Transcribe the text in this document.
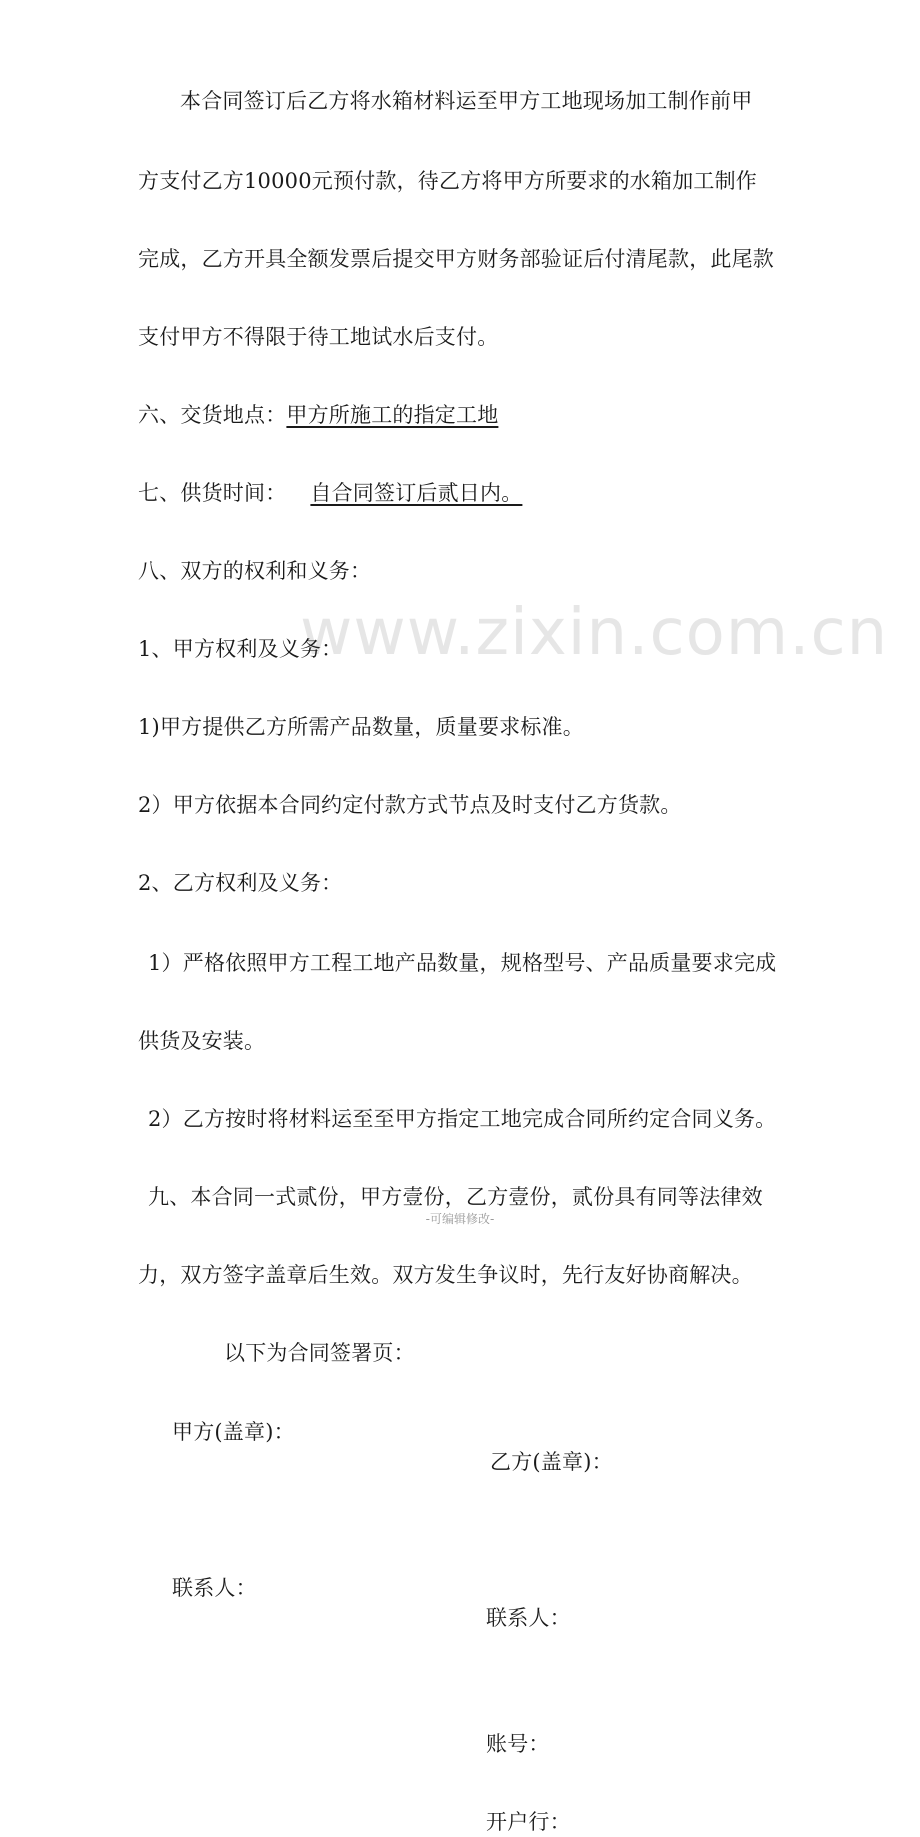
www.zixin.com.cn
本合同签订后乙方将水箱材料运至甲方工地现场加工制作前甲
方支付乙方10000元预付款，待乙方将甲方所要求的水箱加工制作
完成，乙方开具全额发票后提交甲方财务部验证后付清尾款，此尾款
支付甲方不得限于待工地试水后支付。
六、交货地点：甲方所施工的指定工地
七、供货时间： 自合同签订后贰日内。
八、双方的权利和义务：
1、甲方权利及义务：
1)甲方提供乙方所需产品数量，质量要求标准。
2）甲方依据本合同约定付款方式节点及时支付乙方货款。
2、乙方权利及义务：
1）严格依照甲方工程工地产品数量，规格型号、产品质量要求完成
供货及安装。
2）乙方按时将材料运至至甲方指定工地完成合同所约定合同义务。
九、本合同一式贰份，甲方壹份，乙方壹份，贰份具有同等法律效
力，双方签字盖章后生效。双方发生争议时，先行友好协商解决。
以下为合同签署页：
甲方(盖章)：
乙方(盖章)：
联系人：
联系人：
账号：
开户行：
-可编辑修改-
